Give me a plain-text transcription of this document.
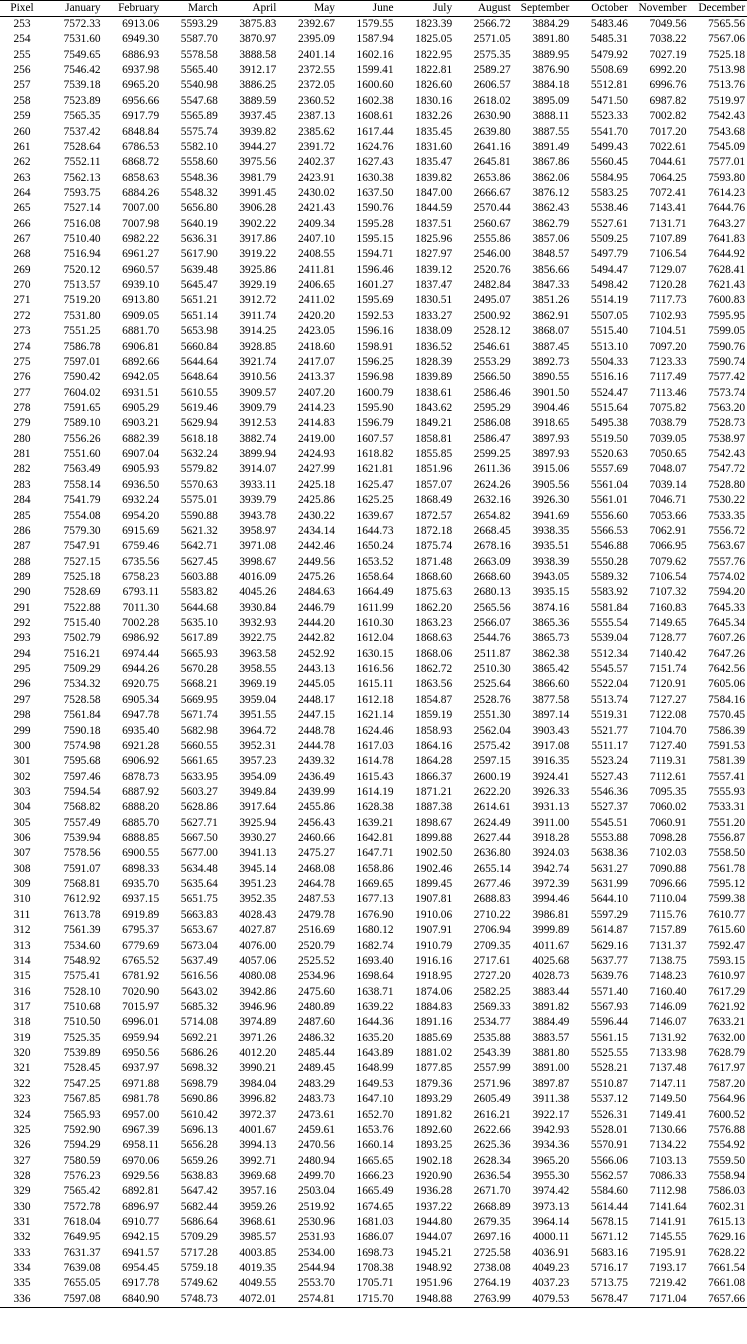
Pixel	January	February	March	April	May	June	July	August	September	October	November	December
253	7572.33	6913.06	5593.29	3875.83	2392.67	1579.55	1823.39	2566.72	3884.29	5483.46	7049.56	7565.56
254	7531.60	6949.30	5587.70	3870.97	2395.09	1587.94	1825.05	2571.05	3891.80	5485.31	7038.22	7567.06
255	7549.65	6886.93	5578.58	3888.58	2401.14	1602.16	1822.95	2575.35	3889.95	5479.92	7027.19	7525.18
256	7546.42	6937.98	5565.40	3912.17	2372.55	1599.41	1822.81	2589.27	3876.90	5508.69	6992.20	7513.98
257	7539.18	6965.20	5540.98	3886.25	2372.05	1600.60	1826.60	2606.57	3884.18	5512.81	6996.76	7513.76
258	7523.89	6956.66	5547.68	3889.59	2360.52	1602.38	1830.16	2618.02	3895.09	5471.50	6987.82	7519.97
259	7565.35	6917.79	5565.89	3937.45	2387.13	1608.61	1832.26	2630.90	3888.11	5523.33	7002.82	7542.43
260	7537.42	6848.84	5575.74	3939.82	2385.62	1617.44	1835.45	2639.80	3887.55	5541.70	7017.20	7543.68
261	7528.64	6786.53	5582.10	3944.27	2391.72	1624.76	1831.60	2641.16	3891.49	5499.43	7022.61	7545.09
262	7552.11	6868.72	5558.60	3975.56	2402.37	1627.43	1835.47	2645.81	3867.86	5560.45	7044.61	7577.01
263	7562.13	6858.63	5548.36	3981.79	2423.91	1630.38	1839.82	2653.86	3862.06	5584.95	7064.25	7593.80
264	7593.75	6884.26	5548.32	3991.45	2430.02	1637.50	1847.00	2666.67	3876.12	5583.25	7072.41	7614.23
265	7527.14	7007.00	5656.80	3906.28	2421.43	1590.76	1844.59	2570.44	3862.43	5538.46	7143.41	7644.76
266	7516.08	7007.98	5640.19	3902.22	2409.34	1595.28	1837.51	2560.67	3862.79	5527.61	7131.71	7643.27
267	7510.40	6982.22	5636.31	3917.86	2407.10	1595.15	1825.96	2555.86	3857.06	5509.25	7107.89	7641.83
268	7516.94	6961.27	5617.90	3919.22	2408.55	1594.71	1827.97	2546.00	3848.57	5497.79	7106.54	7644.92
269	7520.12	6960.57	5639.48	3925.86	2411.81	1596.46	1839.12	2520.76	3856.66	5494.47	7129.07	7628.41
270	7513.57	6939.10	5645.47	3929.19	2406.65	1601.27	1837.47	2482.84	3847.33	5498.42	7120.28	7621.43
271	7519.20	6913.80	5651.21	3912.72	2411.02	1595.69	1830.51	2495.07	3851.26	5514.19	7117.73	7600.83
272	7531.80	6909.05	5651.14	3911.74	2420.20	1592.53	1833.27	2500.92	3862.91	5507.05	7102.93	7595.95
273	7551.25	6881.70	5653.98	3914.25	2423.05	1596.16	1838.09	2528.12	3868.07	5515.40	7104.51	7599.05
274	7586.78	6906.81	5660.84	3928.85	2418.60	1598.91	1836.52	2546.61	3887.45	5513.10	7097.20	7590.76
275	7597.01	6892.66	5644.64	3921.74	2417.07	1596.25	1828.39	2553.29	3892.73	5504.33	7123.33	7590.74
276	7590.42	6942.05	5648.64	3910.56	2413.37	1596.98	1839.89	2566.50	3890.55	5516.16	7117.49	7577.42
277	7604.02	6931.51	5610.55	3909.57	2407.20	1600.79	1838.61	2586.46	3901.50	5524.47	7113.46	7573.74
278	7591.65	6905.29	5619.46	3909.79	2414.23	1595.90	1843.62	2595.29	3904.46	5515.64	7075.82	7563.20
279	7589.10	6903.21	5629.94	3912.53	2414.83	1596.79	1849.21	2586.08	3918.65	5495.38	7038.79	7528.73
280	7556.26	6882.39	5618.18	3882.74	2419.00	1607.57	1858.81	2586.47	3897.93	5519.50	7039.05	7538.97
281	7551.60	6907.04	5632.24	3899.94	2424.93	1618.82	1855.85	2599.25	3897.93	5520.63	7050.65	7542.43
282	7563.49	6905.93	5579.82	3914.07	2427.99	1621.81	1851.96	2611.36	3915.06	5557.69	7048.07	7547.72
283	7558.14	6936.50	5570.63	3933.11	2425.18	1625.47	1857.07	2624.26	3905.56	5561.04	7039.14	7528.80
284	7541.79	6932.24	5575.01	3939.79	2425.86	1625.25	1868.49	2632.16	3926.30	5561.01	7046.71	7530.22
285	7554.08	6954.20	5590.88	3943.78	2430.22	1639.67	1872.57	2654.82	3941.69	5556.60	7053.66	7533.35
286	7579.30	6915.69	5621.32	3958.97	2434.14	1644.73	1872.18	2668.45	3938.35	5566.53	7062.91	7556.72
287	7547.91	6759.46	5642.71	3971.08	2442.46	1650.24	1875.74	2678.16	3935.51	5546.88	7066.95	7563.67
288	7527.15	6735.56	5627.45	3998.67	2449.56	1653.52	1871.48	2663.09	3938.39	5550.28	7079.62	7557.76
289	7525.18	6758.23	5603.88	4016.09	2475.26	1658.64	1868.60	2668.60	3943.05	5589.32	7106.54	7574.02
290	7528.69	6793.11	5583.82	4045.26	2484.63	1664.49	1875.63	2680.13	3935.15	5583.92	7107.32	7594.20
291	7522.88	7011.30	5644.68	3930.84	2446.79	1611.99	1862.20	2565.56	3874.16	5581.84	7160.83	7645.33
292	7515.40	7002.28	5635.10	3932.93	2444.20	1610.30	1863.23	2566.07	3865.36	5555.54	7149.65	7645.34
293	7502.79	6986.92	5617.89	3922.75	2442.82	1612.04	1868.63	2544.76	3865.73	5539.04	7128.77	7607.26
294	7516.21	6974.44	5665.93	3963.58	2452.92	1630.15	1868.06	2511.87	3862.38	5512.34	7140.42	7647.26
295	7509.29	6944.26	5670.28	3958.55	2443.13	1616.56	1862.72	2510.30	3865.42	5545.57	7151.74	7642.56
296	7534.32	6920.75	5668.21	3969.19	2445.05	1615.11	1863.56	2525.64	3866.60	5522.04	7120.91	7605.06
297	7528.58	6905.34	5669.95	3959.04	2448.17	1612.18	1854.87	2528.76	3877.58	5513.74	7127.27	7584.16
298	7561.84	6947.78	5671.74	3951.55	2447.15	1621.14	1859.19	2551.30	3897.14	5519.31	7122.08	7570.45
299	7590.18	6935.40	5682.98	3964.72	2448.78	1624.46	1858.93	2562.04	3903.43	5521.77	7104.70	7586.39
300	7574.98	6921.28	5660.55	3952.31	2444.78	1617.03	1864.16	2575.42	3917.08	5511.17	7127.40	7591.53
301	7595.68	6906.92	5661.65	3957.23	2439.32	1614.78	1864.28	2597.15	3916.35	5523.24	7119.31	7581.39
302	7597.46	6878.73	5633.95	3954.09	2436.49	1615.43	1866.37	2600.19	3924.41	5527.43	7112.61	7557.41
303	7594.54	6887.92	5603.27	3949.84	2439.99	1614.19	1871.21	2622.20	3926.33	5546.36	7095.35	7555.93
304	7568.82	6888.20	5628.86	3917.64	2455.86	1628.38	1887.38	2614.61	3931.13	5527.37	7060.02	7533.31
305	7557.49	6885.70	5627.71	3925.94	2456.43	1639.21	1898.67	2624.49	3911.00	5545.51	7060.91	7551.20
306	7539.94	6888.85	5667.50	3930.27	2460.66	1642.81	1899.88	2627.44	3918.28	5553.88	7098.28	7556.87
307	7578.56	6900.55	5677.00	3941.13	2475.27	1647.71	1902.50	2636.80	3924.03	5638.36	7102.03	7558.50
308	7591.07	6898.33	5634.48	3945.14	2468.08	1658.86	1902.46	2655.14	3942.74	5631.27	7090.88	7561.78
309	7568.81	6935.70	5635.64	3951.23	2464.78	1669.65	1899.45	2677.46	3972.39	5631.99	7096.66	7595.12
310	7612.92	6937.15	5651.75	3952.35	2487.53	1677.13	1907.81	2688.83	3994.46	5644.10	7110.04	7599.38
311	7613.78	6919.89	5663.83	4028.43	2479.78	1676.90	1910.06	2710.22	3986.81	5597.29	7115.76	7610.77
312	7561.39	6795.37	5653.67	4027.87	2516.69	1680.12	1907.91	2706.94	3999.89	5614.87	7157.89	7615.60
313	7534.60	6779.69	5673.04	4076.00	2520.79	1682.74	1910.79	2709.35	4011.67	5629.16	7131.37	7592.47
314	7548.92	6765.52	5637.49	4057.06	2525.52	1693.40	1916.16	2717.61	4025.68	5637.77	7138.75	7593.15
315	7575.41	6781.92	5616.56	4080.08	2534.96	1698.64	1918.95	2727.20	4028.73	5639.76	7148.23	7610.97
316	7528.10	7020.90	5643.02	3942.86	2475.60	1638.71	1874.06	2582.25	3883.44	5571.40	7160.40	7617.29
317	7510.68	7015.97	5685.32	3946.96	2480.89	1639.22	1884.83	2569.33	3891.82	5567.93	7146.09	7621.92
318	7510.50	6996.01	5714.08	3974.89	2487.60	1644.36	1891.16	2534.77	3884.49	5596.44	7146.07	7633.21
319	7525.35	6959.94	5692.21	3971.26	2486.32	1635.20	1885.69	2535.88	3883.57	5561.15	7131.92	7632.00
320	7539.89	6950.56	5686.26	4012.20	2485.44	1643.89	1881.02	2543.39	3881.80	5525.55	7133.98	7628.79
321	7528.45	6937.97	5698.32	3990.21	2489.45	1648.99	1877.85	2557.99	3891.00	5528.21	7137.48	7617.97
322	7547.25	6971.88	5698.79	3984.04	2483.29	1649.53	1879.36	2571.96	3897.87	5510.87	7147.11	7587.20
323	7567.85	6981.78	5690.86	3996.82	2483.73	1647.10	1893.29	2605.49	3911.38	5537.12	7149.50	7564.96
324	7565.93	6957.00	5610.42	3972.37	2473.61	1652.70	1891.82	2616.21	3922.17	5526.31	7149.41	7600.52
325	7592.90	6967.39	5696.13	4001.67	2459.61	1653.76	1892.60	2622.66	3942.93	5528.01	7130.66	7576.88
326	7594.29	6958.11	5656.28	3994.13	2470.56	1660.14	1893.25	2625.36	3934.36	5570.91	7134.22	7554.92
327	7580.59	6970.06	5659.26	3992.71	2480.94	1665.65	1902.18	2628.34	3965.20	5566.06	7103.13	7559.50
328	7576.23	6929.56	5638.83	3969.68	2499.70	1666.23	1920.90	2636.54	3955.30	5562.57	7086.33	7558.94
329	7565.42	6892.81	5647.42	3957.16	2503.04	1665.49	1936.28	2671.70	3974.42	5584.60	7112.98	7586.03
330	7572.78	6896.97	5682.44	3959.26	2519.92	1674.65	1937.22	2668.89	3973.13	5614.44	7141.64	7602.31
331	7618.04	6910.77	5686.64	3968.61	2530.96	1681.03	1944.80	2679.35	3964.14	5678.15	7141.91	7615.13
332	7649.95	6942.15	5709.29	3985.57	2531.93	1686.07	1944.07	2697.16	4000.11	5671.12	7145.55	7629.16
333	7631.37	6941.57	5717.28	4003.85	2534.00	1698.73	1945.21	2725.58	4036.91	5683.16	7195.91	7628.22
334	7639.08	6954.45	5759.18	4019.35	2544.94	1708.38	1948.92	2738.08	4049.23	5716.17	7193.17	7661.54
335	7655.05	6917.78	5749.62	4049.55	2553.70	1705.71	1951.96	2764.19	4037.23	5713.75	7219.42	7661.08
336	7597.08	6840.90	5748.73	4072.01	2574.81	1715.70	1948.88	2763.99	4079.53	5678.47	7171.04	7657.66
